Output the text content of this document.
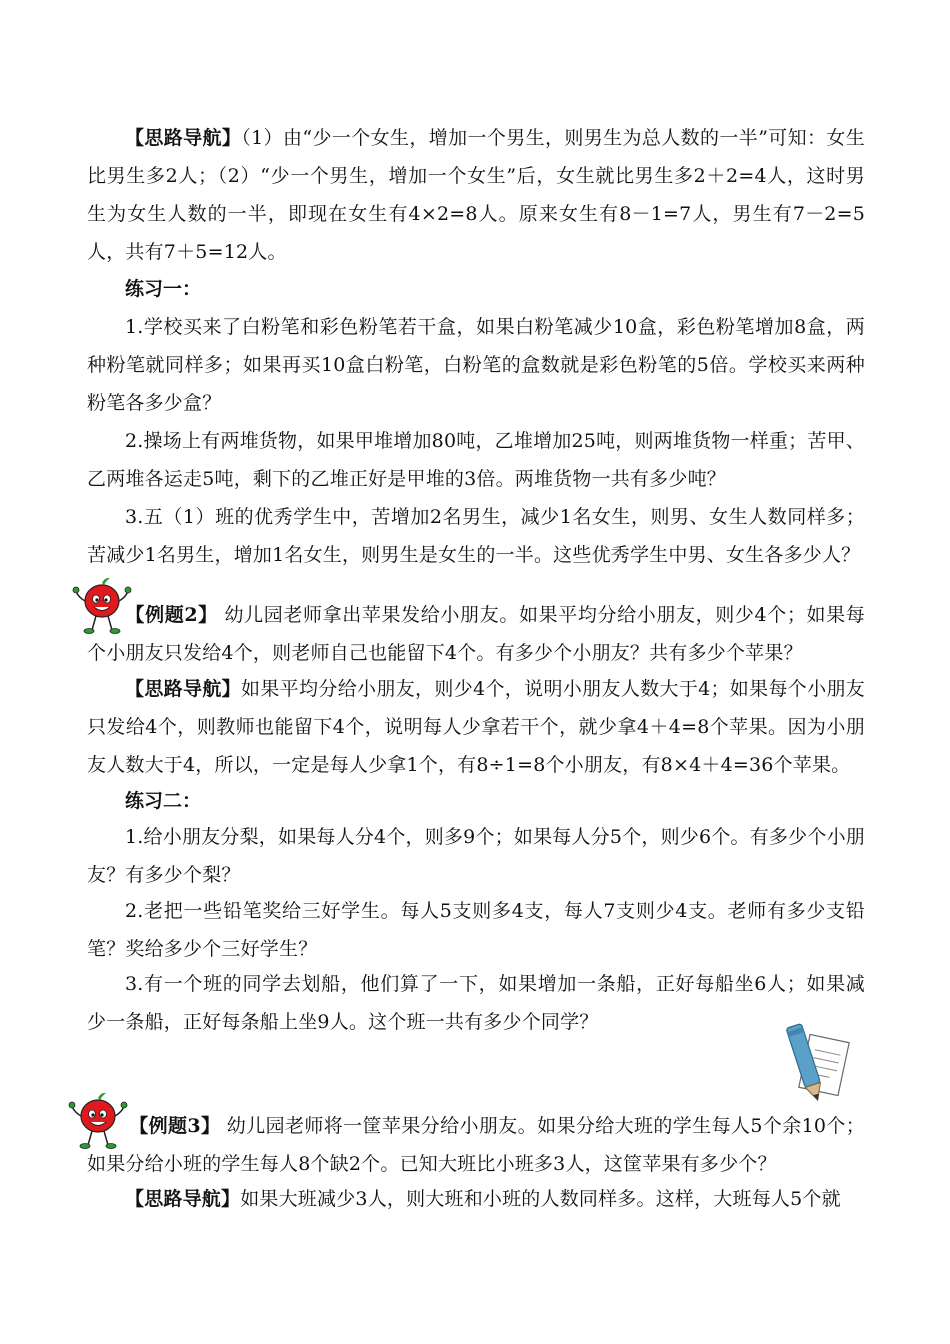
【思路导航】（1）由“少一个女生，增加一个男生，则男生为总人数的一半”可知：女生比男生多2人；（2）“少一个男生，增加一个女生”后，女生就比男生多2＋2=4人，这时男生为女生人数的一半，即现在女生有4×2=8人。原来女生有8－1=7人，男生有7－2=5人，共有7＋5=12人。

练习一：

1.学校买来了白粉笔和彩色粉笔若干盒，如果白粉笔减少10盒，彩色粉笔增加8盒，两种粉笔就同样多；如果再买10盒白粉笔，白粉笔的盒数就是彩色粉笔的5倍。学校买来两种粉笔各多少盒？

2.操场上有两堆货物，如果甲堆增加80吨，乙堆增加25吨，则两堆货物一样重；苦甲、乙两堆各运走5吨，剩下的乙堆正好是甲堆的3倍。两堆货物一共有多少吨？

3.五（1）班的优秀学生中，苦增加2名男生，减少1名女生，则男、女生人数同样多；苦减少1名男生，增加1名女生，则男生是女生的一半。这些优秀学生中男、女生各多少人？

【例题2】 幼儿园老师拿出苹果发给小朋友。如果平均分给小朋友，则少4个；如果每个小朋友只发给4个，则老师自己也能留下4个。有多少个小朋友？共有多少个苹果？

【思路导航】如果平均分给小朋友，则少4个，说明小朋友人数大于4；如果每个小朋友只发给4个，则教师也能留下4个，说明每人少拿若干个，就少拿4＋4=8个苹果。因为小朋友人数大于4，所以，一定是每人少拿1个，有8÷1=8个小朋友，有8×4＋4=36个苹果。

练习二：

1.给小朋友分梨，如果每人分4个，则多9个；如果每人分5个，则少6个。有多少个小朋友？有多少个梨？

2.老把一些铅笔奖给三好学生。每人5支则多4支，每人7支则少4支。老师有多少支铅笔？奖给多少个三好学生？

3.有一个班的同学去划船，他们算了一下，如果增加一条船，正好每船坐6人；如果减少一条船，正好每条船上坐9人。这个班一共有多少个同学？

【例题3】 幼儿园老师将一筐苹果分给小朋友。如果分给大班的学生每人5个余10个；如果分给小班的学生每人8个缺2个。已知大班比小班多3人，这筐苹果有多少个？

【思路导航】如果大班减少3人，则大班和小班的人数同样多。这样，大班每人5个就
